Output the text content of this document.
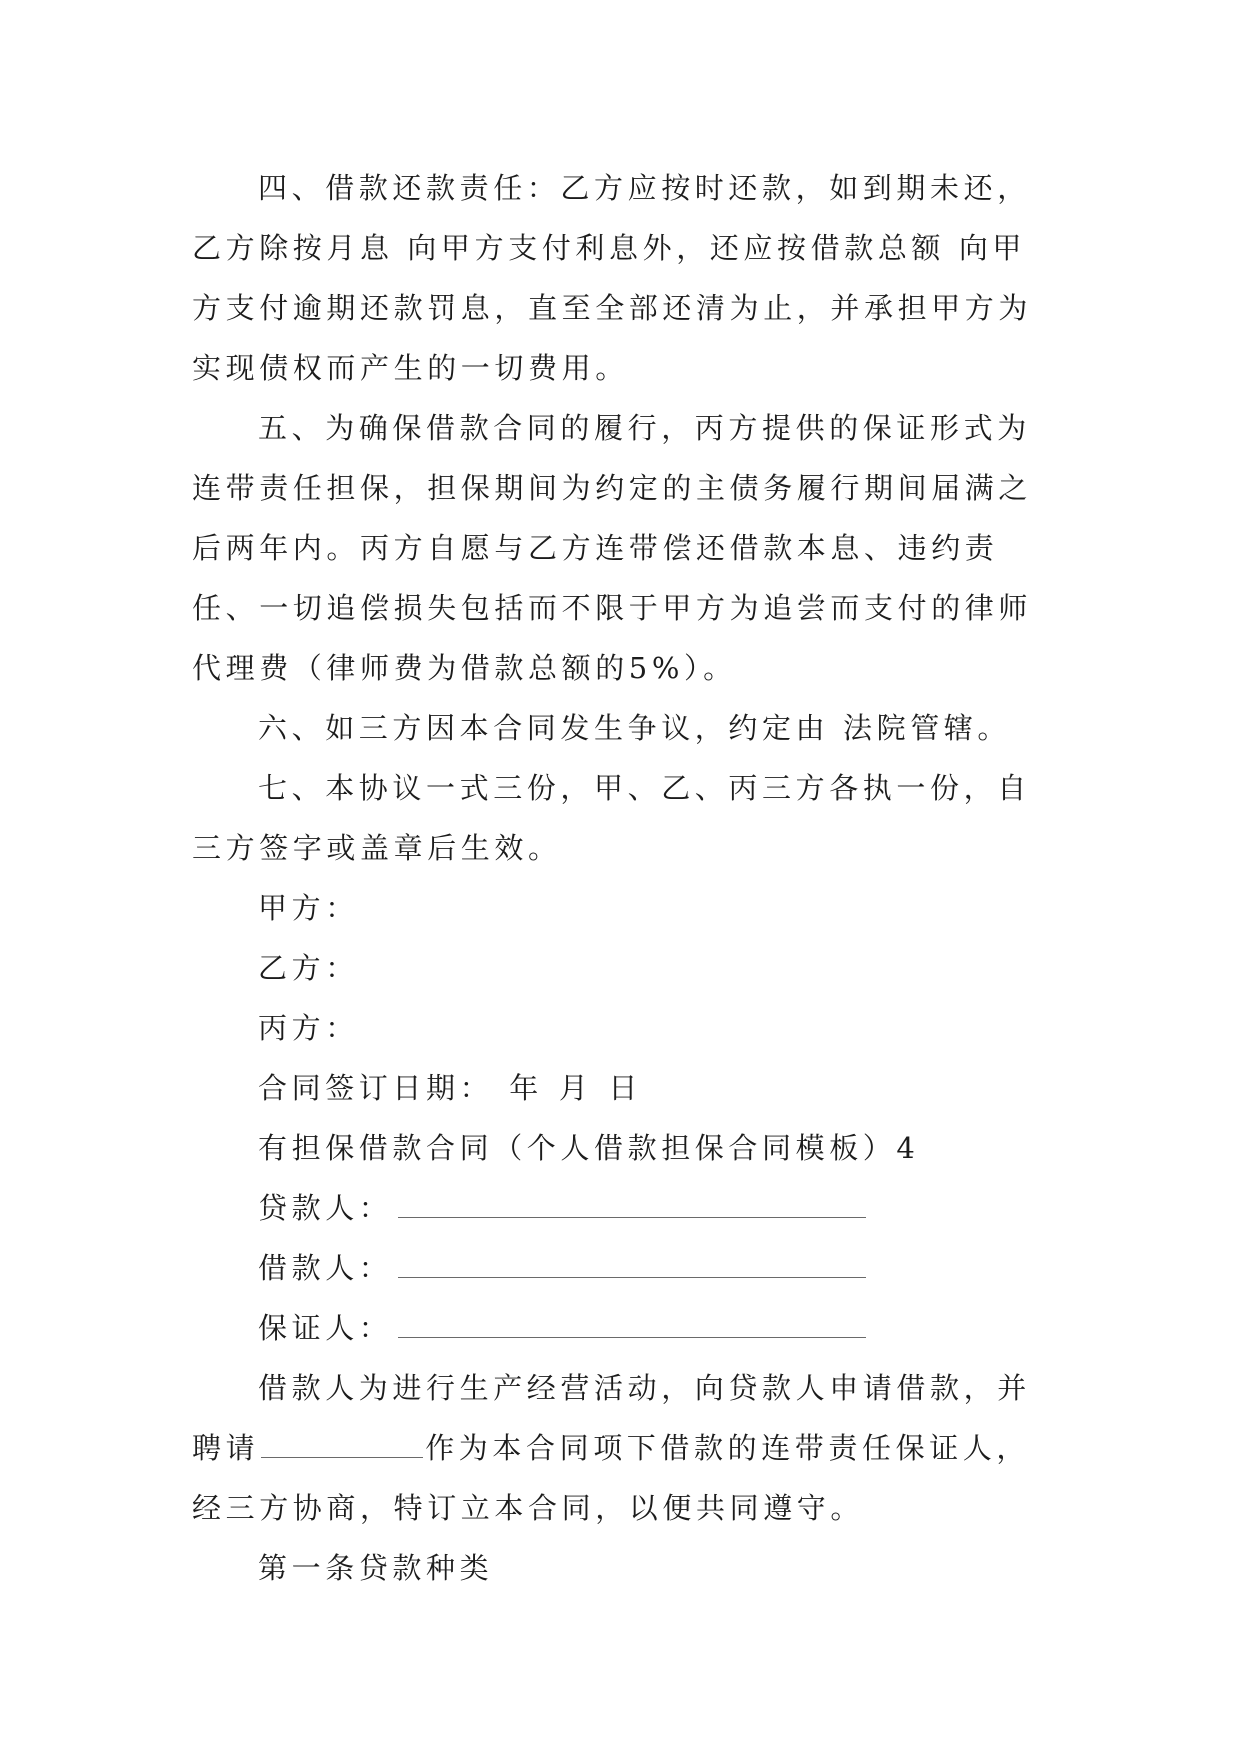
四、借款还款责任：乙方应按时还款，如到期未还，乙方除按月息 向甲方支付利息外，还应按借款总额 向甲方支付逾期还款罚息，直至全部还清为止，并承担甲方为实现债权而产生的一切费用。

五、为确保借款合同的履行，丙方提供的保证形式为连带责任担保，担保期间为约定的主债务履行期间届满之后两年内。丙方自愿与乙方连带偿还借款本息、违约责任、一切追偿损失包括而不限于甲方为追尝而支付的律师代理费（律师费为借款总额的5%）。

六、如三方因本合同发生争议，约定由 法院管辖。

七、本协议一式三份，甲、乙、丙三方各执一份，自三方签字或盖章后生效。

甲方：

乙方：

丙方：

合同签订日期： 年 月 日

有担保借款合同（个人借款担保合同模板）4

贷款人：

借款人：

保证人：

借款人为进行生产经营活动，向贷款人申请借款，并聘请	作为本合同项下借款的连带责任保证人，经三方协商，特订立本合同，以便共同遵守。

第一条贷款种类
